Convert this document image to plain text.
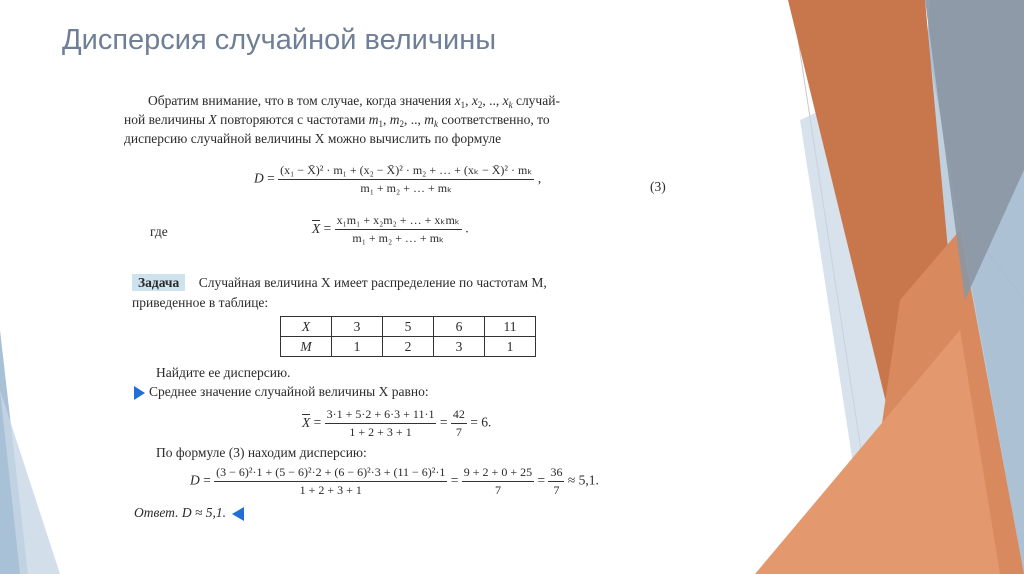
Дисперсия случайной величины
Обратим внимание, что в том случае, когда значения $x_1$, $x_2$, .., $x_k$ случай-
ной величины X повторяются с частотами $m_1$, $m_2$, .., $m_k$ соответственно, то
дисперсию случайной величины X можно вычислить по формуле
$D = \frac{\text{(x₁ − X̄)² · m₁ + (x₂ − X̄)² · m₂ + … + (xₖ − X̄)² · mₖ}}{\text{m₁ + m₂ + … + mₖ}}$ ,
(3)
где	$X = \frac{\text{x₁m₁ + x₂m₂ + … + xₖmₖ}}{\text{m₁ + m₂ + … + mₖ}}$ .
Задача Случайная величина X имеет распределение по частотам M,
приведенное в таблице:
X	3	5	6	11
M	1	2	3	1
Найдите ее дисперсию.
Среднее значение случайной величины X равно:
$X = \frac{3\cdot 1 + 5\cdot 2 + 6\cdot 3 + 11\cdot 1}{1 + 2 + 3 + 1} = \frac{42}{7} = 6$.
По формуле (3) находим дисперсию:
$D = \frac{\text{(3 − 6)²·1 + (5 − 6)²·2 + (6 − 6)²·3 + (11 − 6)²·1}}{1 + 2 + 3 + 1} = \frac{9 + 2 + 0 + 25}{7} = \frac{36}{7} \approx 5,1$.
Ответ. D ≈ 5,1.
